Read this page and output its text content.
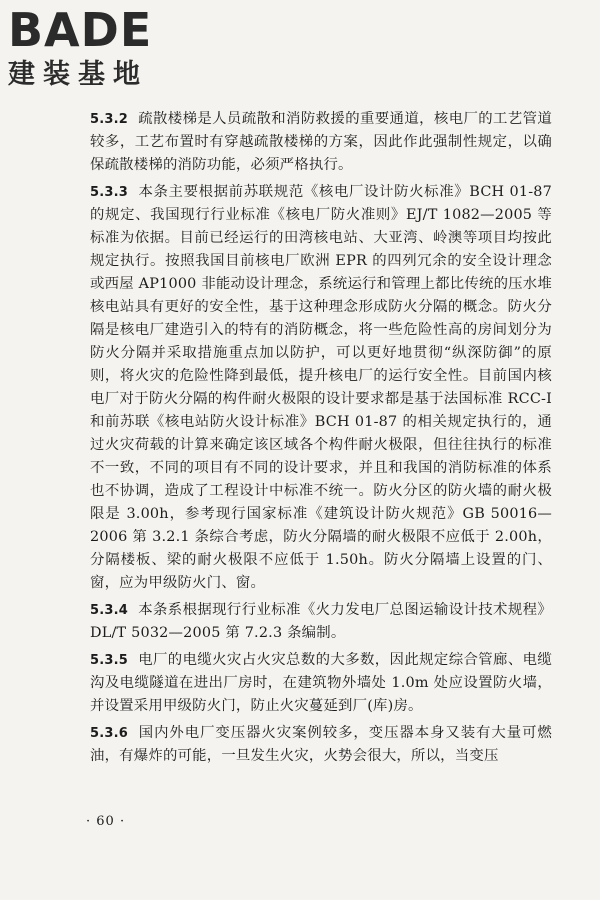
BADE
建装基地

5.3.2 疏散楼梯是人员疏散和消防救援的重要通道，核电厂的工艺管道较多，工艺布置时有穿越疏散楼梯的方案，因此作此强制性规定，以确保疏散楼梯的消防功能，必须严格执行。

5.3.3 本条主要根据前苏联规范《核电厂设计防火标准》BCH 01-87 的规定、我国现行行业标准《核电厂防火准则》EJ/T 1082—2005 等标准为依据。目前已经运行的田湾核电站、大亚湾、岭澳等项目均按此规定执行。按照我国目前核电厂欧洲 EPR 的四列冗余的安全设计理念或西屋 AP1000 非能动设计理念，系统运行和管理上都比传统的压水堆核电站具有更好的安全性，基于这种理念形成防火分隔的概念。防火分隔是核电厂建造引入的特有的消防概念，将一些危险性高的房间划分为防火分隔并采取措施重点加以防护，可以更好地贯彻“纵深防御”的原则，将火灾的危险性降到最低，提升核电厂的运行安全性。目前国内核电厂对于防火分隔的构件耐火极限的设计要求都是基于法国标准 RCC-I 和前苏联《核电站防火设计标准》BCH 01-87 的相关规定执行的，通过火灾荷载的计算来确定该区域各个构件耐火极限，但往往执行的标准不一致，不同的项目有不同的设计要求，并且和我国的消防标准的体系也不协调，造成了工程设计中标准不统一。防火分区的防火墙的耐火极限是 3.00h，参考现行国家标准《建筑设计防火规范》GB 50016—2006 第 3.2.1 条综合考虑，防火分隔墙的耐火极限不应低于 2.00h，分隔楼板、梁的耐火极限不应低于 1.50h。防火分隔墙上设置的门、窗，应为甲级防火门、窗。

5.3.4 本条系根据现行行业标准《火力发电厂总图运输设计技术规程》DL/T 5032—2005 第 7.2.3 条编制。

5.3.5 电厂的电缆火灾占火灾总数的大多数，因此规定综合管廊、电缆沟及电缆隧道在进出厂房时，在建筑物外墙处 1.0m 处应设置防火墙，并设置采用甲级防火门，防止火灾蔓延到厂(库)房。

5.3.6 国内外电厂变压器火灾案例较多，变压器本身又装有大量可燃油，有爆炸的可能，一旦发生火灾，火势会很大，所以，当变压

· 60 ·
